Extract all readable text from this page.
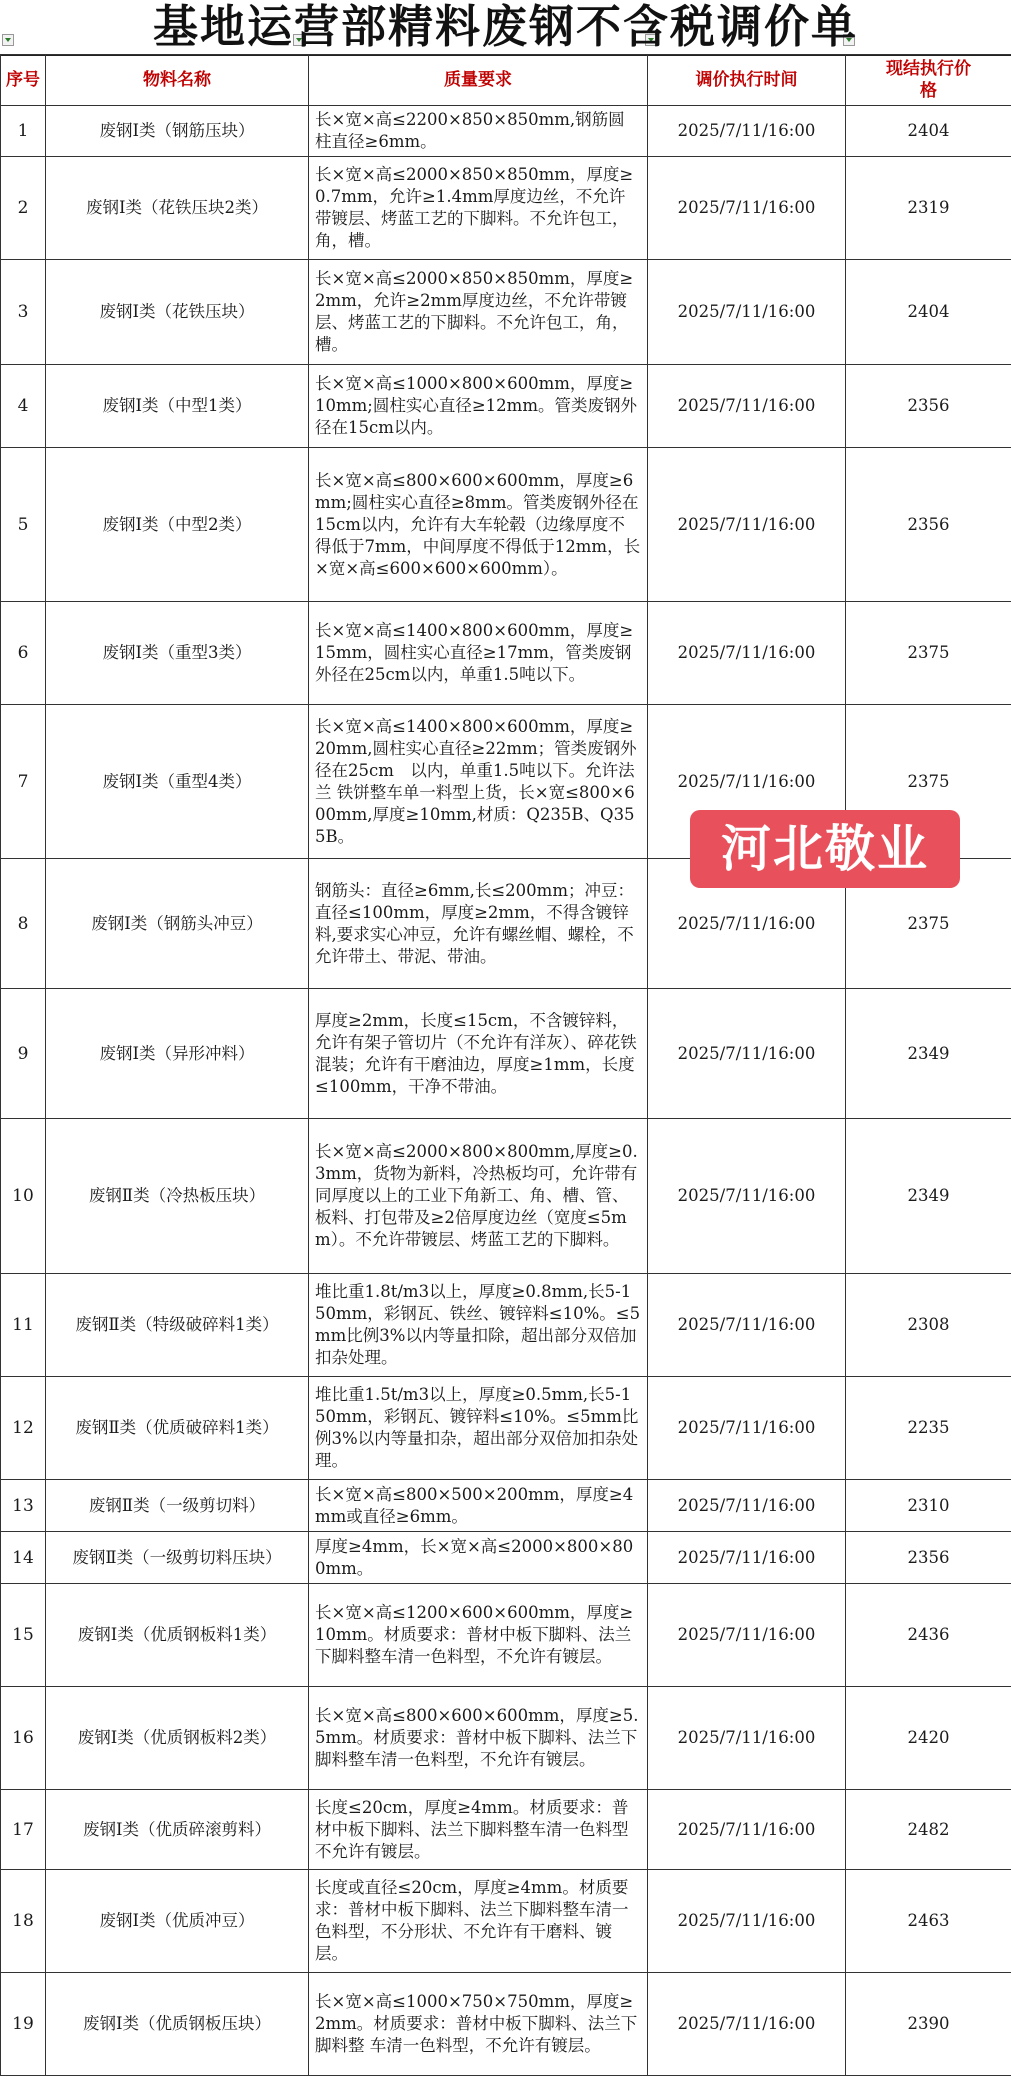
基地运营部精料废钢不含税调价单
序号	物料名称	质量要求	调价执行时间	现结执行价格
1	废钢Ⅰ类（钢筋压块）	长×宽×高≤2200×850×850mm,钢筋圆柱直径≥6mm。	2025/7/11/16:00	2404
2	废钢Ⅰ类（花铁压块2类）	长×宽×高≤2000×850×850mm，厚度≥0.7mm，允许≥1.4mm厚度边丝，不允许带镀层、烤蓝工艺的下脚料。不允许包工，角，槽。	2025/7/11/16:00	2319
3	废钢Ⅰ类（花铁压块）	长×宽×高≤2000×850×850mm，厚度≥2mm，允许≥2mm厚度边丝，不允许带镀层、烤蓝工艺的下脚料。不允许包工，角，槽。	2025/7/11/16:00	2404
4	废钢Ⅰ类（中型1类）	长×宽×高≤1000×800×600mm，厚度≥10mm;圆柱实心直径≥12mm。管类废钢外径在15cm以内。	2025/7/11/16:00	2356
5	废钢Ⅰ类（中型2类）	长×宽×高≤800×600×600mm，厚度≥6mm;圆柱实心直径≥8mm。管类废钢外径在15cm以内，允许有大车轮毂（边缘厚度不得低于7mm，中间厚度不得低于12mm，长×宽×高≤600×600×600mm）。	2025/7/11/16:00	2356
6	废钢Ⅰ类（重型3类）	长×宽×高≤1400×800×600mm，厚度≥15mm，圆柱实心直径≥17mm，管类废钢外径在25cm以内，单重1.5吨以下。	2025/7/11/16:00	2375
7	废钢Ⅰ类（重型4类）	长×宽×高≤1400×800×600mm，厚度≥20mm,圆柱实心直径≥22mm；管类废钢外径在25cm　以内，单重1.5吨以下。允许法兰 铁饼整车单一料型上货，长×宽≤800×600mm,厚度≥10mm,材质：Q235B、Q355B。	2025/7/11/16:00	2375
8	废钢Ⅰ类（钢筋头冲豆）	钢筋头：直径≥6mm,长≤200mm；冲豆：直径≤100mm，厚度≥2mm，不得含镀锌料,要求实心冲豆，允许有螺丝帽、螺栓，不允许带土、带泥、带油。	2025/7/11/16:00	2375
9	废钢Ⅰ类（异形冲料）	厚度≥2mm，长度≤15cm，不含镀锌料，允许有架子管切片（不允许有洋灰）、碎花铁混装；允许有干磨油边，厚度≥1mm，长度≤100mm，干净不带油。	2025/7/11/16:00	2349
10	废钢Ⅱ类（冷热板压块）	长×宽×高≤2000×800×800mm,厚度≥0.3mm，货物为新料，冷热板均可，允许带有同厚度以上的工业下角新工、角、槽、管、板料、打包带及≥2倍厚度边丝（宽度≤5mm）。不允许带镀层、烤蓝工艺的下脚料。	2025/7/11/16:00	2349
11	废钢Ⅱ类（特级破碎料1类）	堆比重1.8t/m3以上，厚度≥0.8mm,长5-150mm，彩钢瓦、铁丝、镀锌料≤10%。≤5mm比例3%以内等量扣除，超出部分双倍加扣杂处理。	2025/7/11/16:00	2308
12	废钢Ⅱ类（优质破碎料1类）	堆比重1.5t/m3以上，厚度≥0.5mm,长5-150mm，彩钢瓦、镀锌料≤10%。≤5mm比例3%以内等量扣杂，超出部分双倍加扣杂处理。	2025/7/11/16:00	2235
13	废钢Ⅱ类（一级剪切料）	长×宽×高≤800×500×200mm，厚度≥4mm或直径≥6mm。	2025/7/11/16:00	2310
14	废钢Ⅱ类（一级剪切料压块）	厚度≥4mm，长×宽×高≤2000×800×800mm。	2025/7/11/16:00	2356
15	废钢Ⅰ类（优质钢板料1类）	长×宽×高≤1200×600×600mm，厚度≥10mm。材质要求：普材中板下脚料、法兰下脚料整车清一色料型，不允许有镀层。	2025/7/11/16:00	2436
16	废钢Ⅰ类（优质钢板料2类）	长×宽×高≤800×600×600mm，厚度≥5.5mm。材质要求：普材中板下脚料、法兰下脚料整车清一色料型，不允许有镀层。	2025/7/11/16:00	2420
17	废钢Ⅰ类（优质碎滚剪料）	长度≤20cm，厚度≥4mm。材质要求：普材中板下脚料、法兰下脚料整车清一色料型不允许有镀层。	2025/7/11/16:00	2482
18	废钢Ⅰ类（优质冲豆）	长度或直径≤20cm，厚度≥4mm。材质要求：普材中板下脚料、法兰下脚料整车清一色料型，不分形状、不允许有干磨料、镀层。	2025/7/11/16:00	2463
19	废钢Ⅰ类（优质钢板压块）	长×宽×高≤1000×750×750mm，厚度≥2mm。材质要求：普材中板下脚料、法兰下脚料整 车清一色料型，不允许有镀层。	2025/7/11/16:00	2390
河北敬业
